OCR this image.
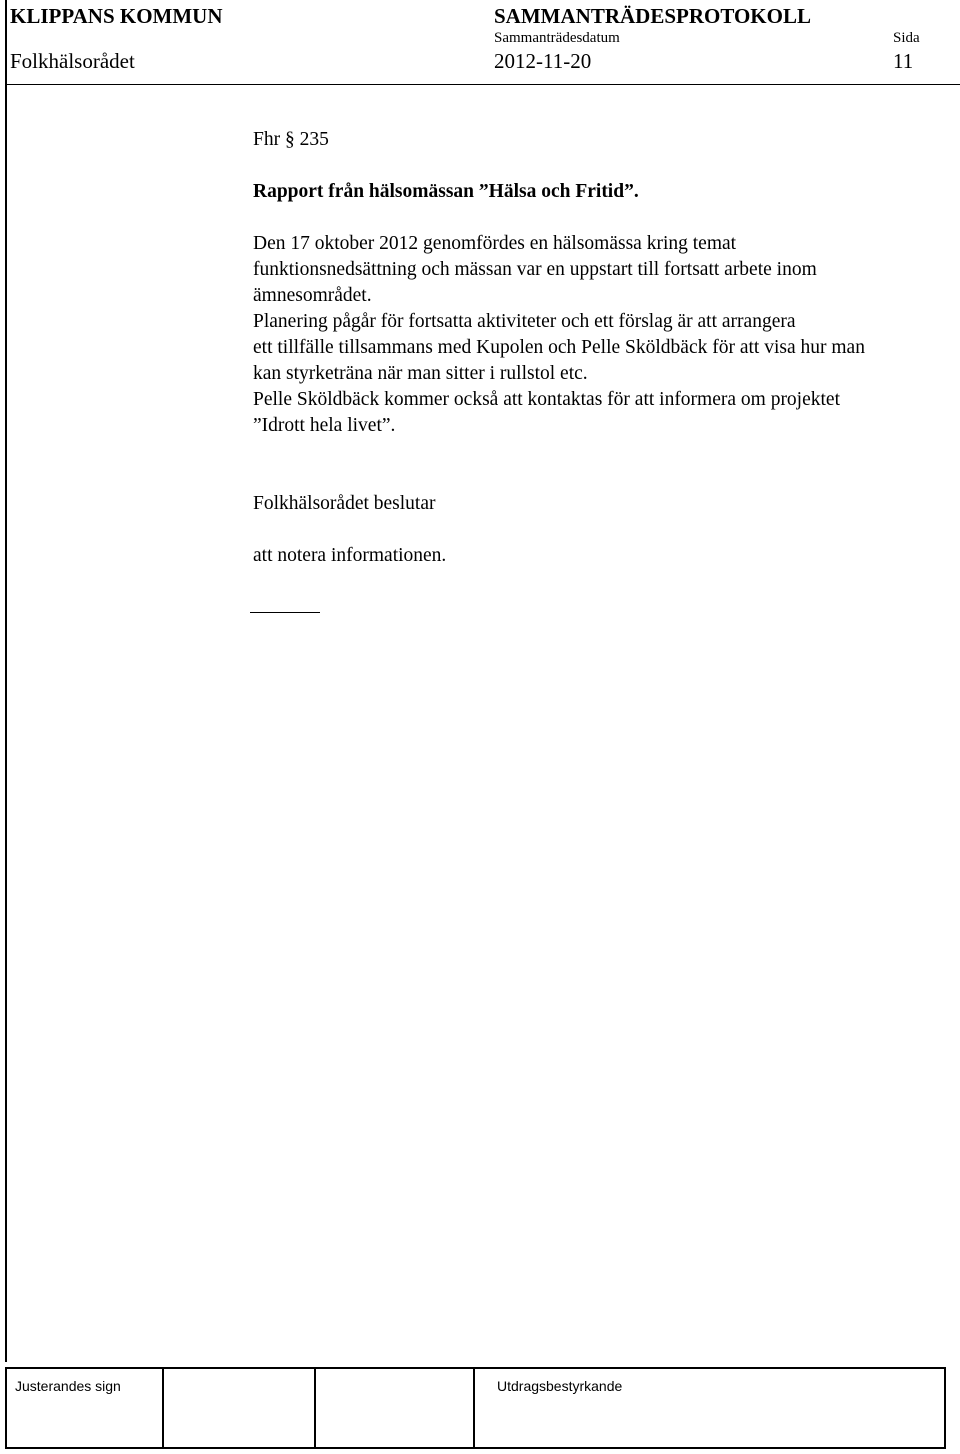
KLIPPANS KOMMUN	SAMMANTRÄDESPROTOKOLL
Sammanträdesdatum	Sida
Folkhälsorådet	2012-11-20	11
Fhr § 235
Rapport från hälsomässan ”Hälsa och Fritid”.
Den 17 oktober 2012 genomfördes en hälsomässa kring temat
funktionsnedsättning och mässan var en uppstart till fortsatt arbete inom
ämnesområdet.
Planering pågår för fortsatta aktiviteter och ett förslag är att arrangera
ett tillfälle tillsammans med Kupolen och Pelle Sköldbäck för att visa hur man
kan styrketräna när man sitter i rullstol etc.
Pelle Sköldbäck kommer också att kontaktas för att informera om projektet
”Idrott hela livet”.
Folkhälsorådet beslutar
att notera informationen.
Justerandes sign	Utdragsbestyrkande
